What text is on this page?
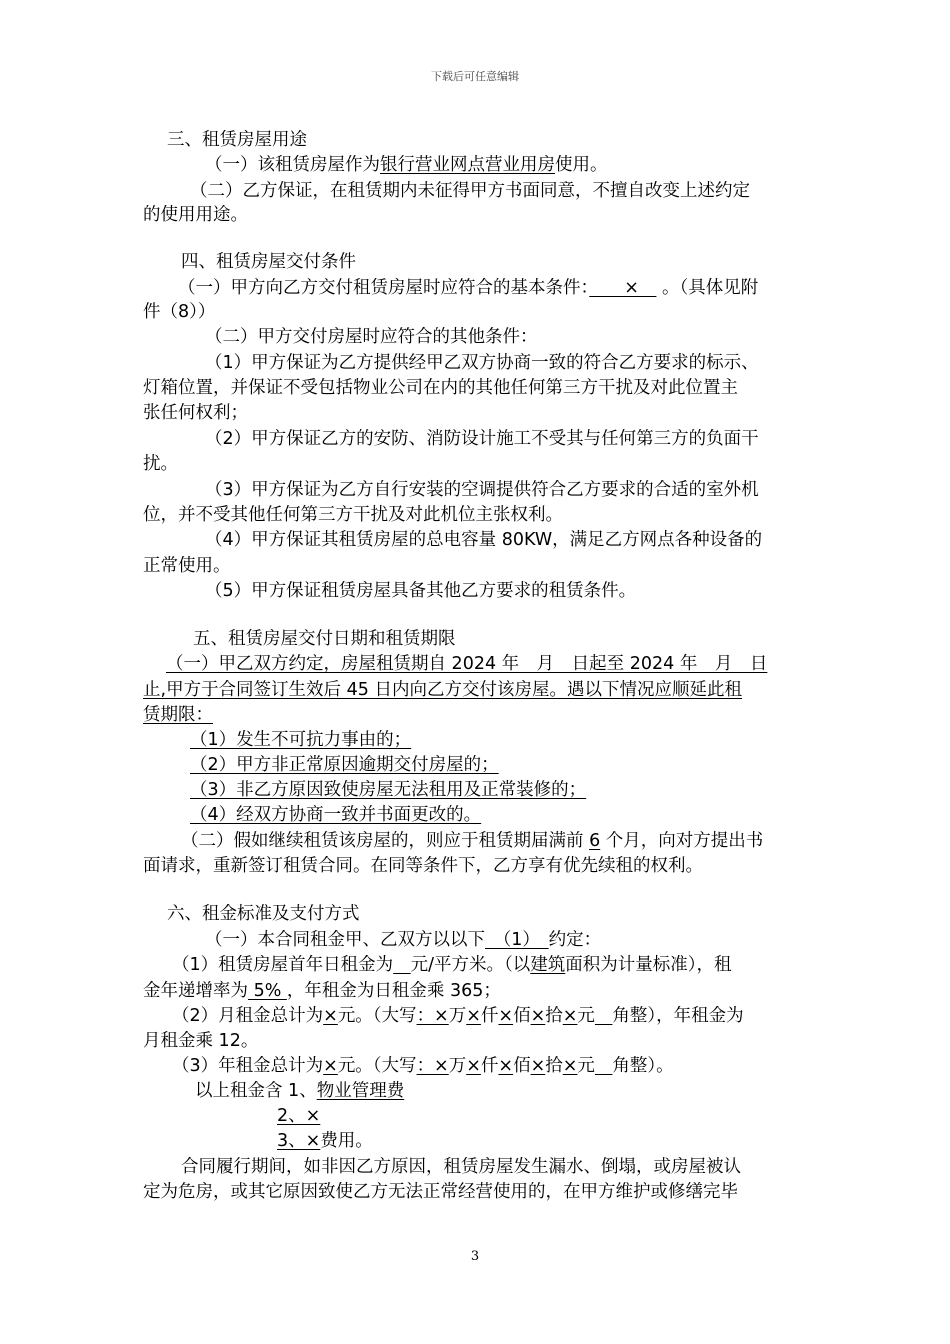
下载后可任意编辑
三、租赁房屋用途
（一）该租赁房屋作为银行营业网点营业用房使用。
（二）乙方保证，在租赁期内未征得甲方书面同意，不擅自改变上述约定
的使用用途。
四、租赁房屋交付条件
（一）甲方向乙方交付租赁房屋时应符合的基本条件：　　×　 。（具体见附
件（8））
（二）甲方交付房屋时应符合的其他条件：
（1）甲方保证为乙方提供经甲乙双方协商一致的符合乙方要求的标示、
灯箱位置，并保证不受包括物业公司在内的其他任何第三方干扰及对此位置主
张任何权利；
（2）甲方保证乙方的安防、消防设计施工不受其与任何第三方的负面干
扰。
（3）甲方保证为乙方自行安装的空调提供符合乙方要求的合适的室外机
位，并不受其他任何第三方干扰及对此机位主张权利。
（4）甲方保证其租赁房屋的总电容量 80KW，满足乙方网点各种设备的
正常使用。
（5）甲方保证租赁房屋具备其他乙方要求的租赁条件。
五、租赁房屋交付日期和租赁期限
（一）甲乙双方约定，房屋租赁期自 2024 年　月　日起至 2024 年　月　日
止,甲方于合同签订生效后 45 日内向乙方交付该房屋。遇以下情况应顺延此租
赁期限：
（1）发生不可抗力事由的；
（2）甲方非正常原因逾期交付房屋的；
（3）非乙方原因致使房屋无法租用及正常装修的；
（4）经双方协商一致并书面更改的。
（二）假如继续租赁该房屋的，则应于租赁期届满前 6 个月，向对方提出书
面请求，重新签订租赁合同。在同等条件下，乙方享有优先续租的权利。
六、租金标准及支付方式
（一）本合同租金甲、乙双方以以下　（1）　约定：
（1）租赁房屋首年日租金为　 元/平方米。（以建筑面积为计量标准），租
金年递增率为 5% ，年租金为日租金乘 365；
（2）月租金总计为×元。（大写：×万×仟×佰×拾×元　 角整），年租金为
月租金乘 12。
（3）年租金总计为×元。（大写：×万×仟×佰×拾×元　 角整）。
以上租金含 1、物业管理费
2、×
3、×费用。
合同履行期间，如非因乙方原因，租赁房屋发生漏水、倒塌，或房屋被认
定为危房，或其它原因致使乙方无法正常经营使用的，在甲方维护或修缮完毕
3
